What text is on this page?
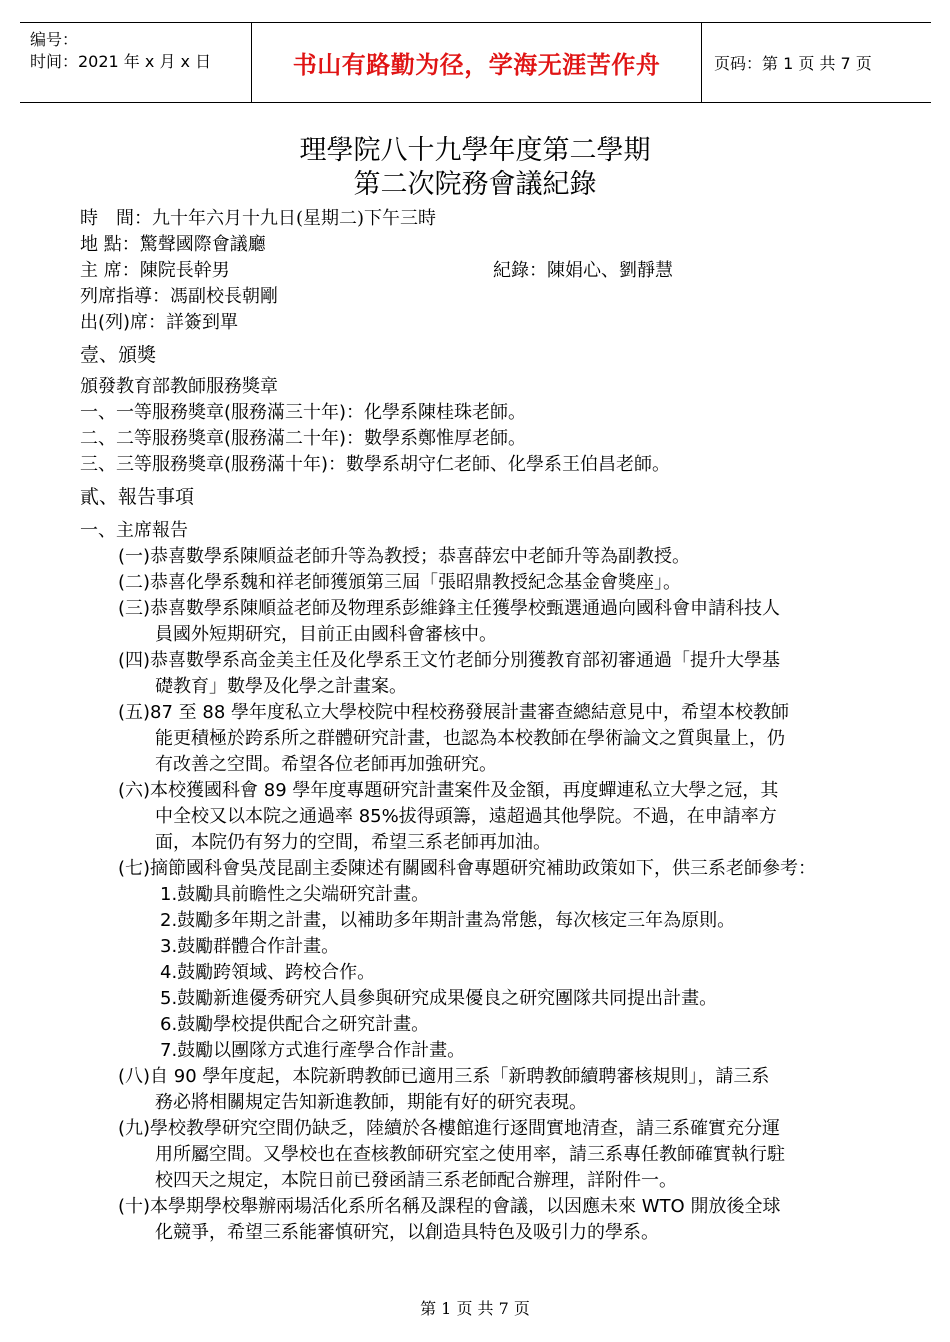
编号：
时间：2021 年 x 月 x 日	书山有路勤为径，学海无涯苦作舟	页码：第 1 页 共 7 页
理學院八十九學年度第二學期
第二次院務會議紀錄
時　間：九十年六月十九日(星期二)下午三時
地 點：驚聲國際會議廳
主 席：陳院長幹男	紀錄：陳娟心、劉靜慧
列席指導：馮副校長朝剛
出(列)席：詳簽到單
壹、頒獎
頒發教育部教師服務獎章
一、一等服務獎章(服務滿三十年)：化學系陳桂珠老師。
二、二等服務獎章(服務滿二十年)：數學系鄭惟厚老師。
三、三等服務獎章(服務滿十年)：數學系胡守仁老師、化學系王伯昌老師。
貳、報告事項
一、主席報告
(一)恭喜數學系陳順益老師升等為教授；恭喜薛宏中老師升等為副教授。
(二)恭喜化學系魏和祥老師獲頒第三屆「張昭鼎教授紀念基金會獎座」。
(三)恭喜數學系陳順益老師及物理系彭維鋒主任獲學校甄選通過向國科會申請科技人
員國外短期研究，目前正由國科會審核中。
(四)恭喜數學系高金美主任及化學系王文竹老師分別獲教育部初審通過「提升大學基
礎教育」數學及化學之計畫案。
(五)87 至 88 學年度私立大學校院中程校務發展計畫審查總結意見中，希望本校教師
能更積極於跨系所之群體研究計畫，也認為本校教師在學術論文之質與量上，仍
有改善之空間。希望各位老師再加強研究。
(六)本校獲國科會 89 學年度專題研究計畫案件及金額，再度蟬連私立大學之冠，其
中全校又以本院之通過率 85%拔得頭籌，遠超過其他學院。不過，在申請率方
面，本院仍有努力的空間，希望三系老師再加油。
(七)摘節國科會吳茂昆副主委陳述有關國科會專題研究補助政策如下，供三系老師參考：
1.鼓勵具前瞻性之尖端研究計畫。
2.鼓勵多年期之計畫，以補助多年期計畫為常態，每次核定三年為原則。
3.鼓勵群體合作計畫。
4.鼓勵跨領域、跨校合作。
5.鼓勵新進優秀研究人員參與研究成果優良之研究團隊共同提出計畫。
6.鼓勵學校提供配合之研究計畫。
7.鼓勵以團隊方式進行產學合作計畫。
(八)自 90 學年度起，本院新聘教師已適用三系「新聘教師續聘審核規則」，請三系
務必將相關規定告知新進教師，期能有好的研究表現。
(九)學校教學研究空間仍缺乏，陸續於各樓館進行逐間實地清查，請三系確實充分運
用所屬空間。又學校也在查核教師研究室之使用率，請三系專任教師確實執行駐
校四天之規定，本院日前已發函請三系老師配合辦理，詳附件一。
(十)本學期學校舉辦兩場活化系所名稱及課程的會議，以因應未來 WTO 開放後全球
化競爭，希望三系能審慎研究，以創造具特色及吸引力的學系。
第 1 页 共 7 页
